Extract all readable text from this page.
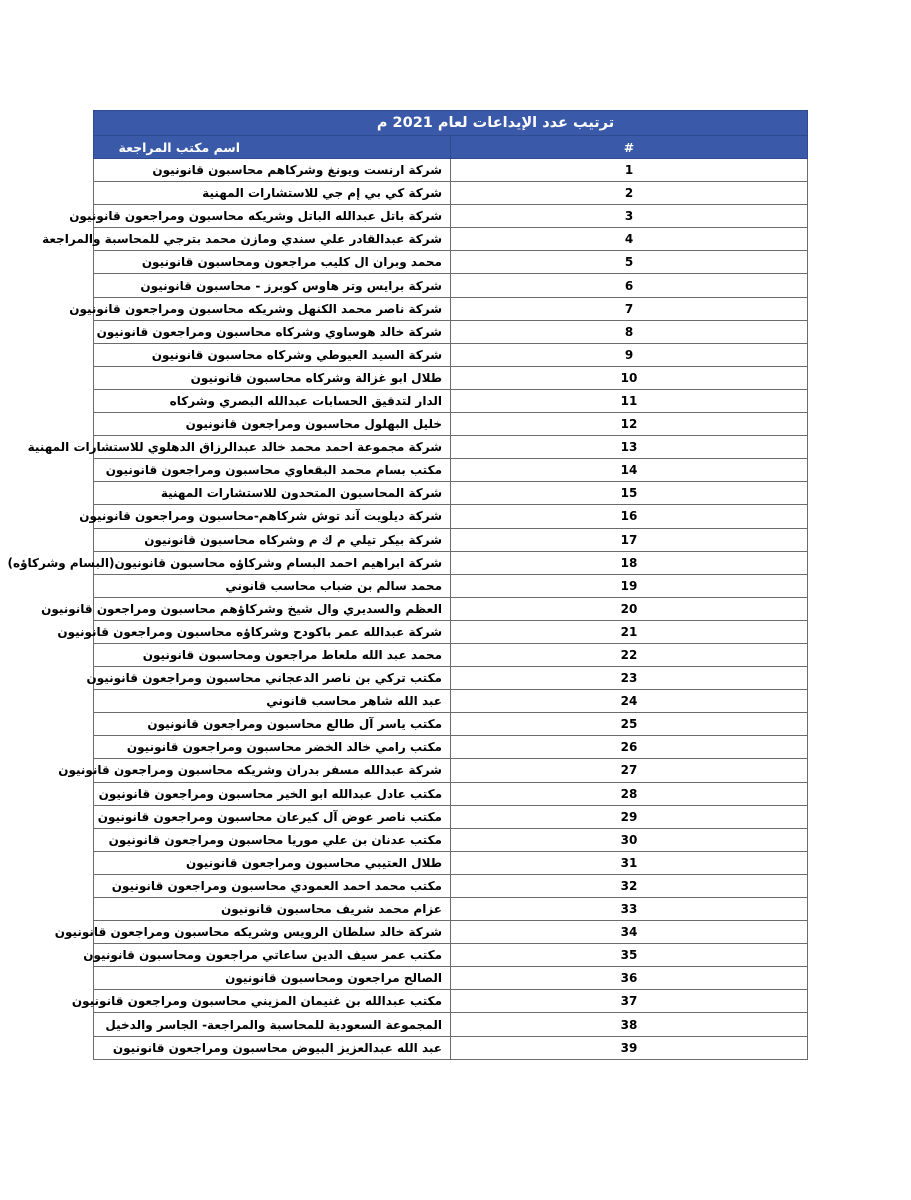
ترتيب عدد الإيداعات لعام 2021 م	
#	اسم مكتب المراجعة
1	شركة ارنست ويونغ وشركاهم محاسبون قانونيون
2	شركة كي بي إم جي للاستشارات المهنية
3	شركة باتل عبدالله الباتل وشريكه محاسبون ومراجعون قانونيون
4	شركة عبدالقادر علي سندي ومازن محمد بترجي للمحاسبة والمراجعة
5	محمد وبران ال كليب مراجعون ومحاسبون قانونيون
6	شركة برايس وتر هاوس كوبرز - محاسبون قانونيون
7	شركة ناصر محمد الكنهل وشريكه محاسبون ومراجعون قانونيون
8	شركة خالد هوساوي وشركاه محاسبون ومراجعون قانونيون
9	شركة السيد العيوطي وشركاه محاسبون قانونيون
10	طلال ابو غزالة وشركاه محاسبون قانونيون
11	الدار لتدقيق الحسابات عبدالله البصري وشركاه
12	خليل البهلول محاسبون ومراجعون قانونيون
13	شركة مجموعة احمد محمد خالد عبدالرزاق الدهلوي للاستشارات المهنية
14	مكتب بسام محمد البقعاوي محاسبون ومراجعون قانونيون
15	شركة المحاسبون المتحدون للاستشارات المهنية
16	شركة ديلويت آند توش شركاهم-محاسبون ومراجعون قانونيون
17	شركة بيكر تيلي م ك م وشركاه محاسبون قانونيون
18	شركة ابراهيم احمد البسام وشركاؤه محاسبون قانونيون(البسام وشركاؤه)
19	محمد سالم بن ضباب محاسب قانوني
20	العظم والسديري وال شيخ وشركاؤهم محاسبون ومراجعون قانونيون
21	شركة عبدالله عمر باكودح وشركاؤه محاسبون ومراجعون قانونيون
22	محمد عبد الله ملعاط مراجعون ومحاسبون قانونيون
23	مكتب تركي بن ناصر الدعجاني محاسبون ومراجعون قانونيون
24	عبد الله شاهر محاسب قانوني
25	مكتب ياسر آل طالع محاسبون ومراجعون قانونيون
26	مكتب رامي خالد الخضر محاسبون ومراجعون قانونيون
27	شركة عبدالله مسفر بدران وشريكه محاسبون ومراجعون قانونيون
28	مكتب عادل عبدالله ابو الخير محاسبون ومراجعون قانونيون
29	مكتب ناصر عوض آل كيرعان محاسبون ومراجعون قانونيون
30	مكتب عدنان بن علي موريا محاسبون ومراجعون قانونيون
31	طلال العتيبي محاسبون ومراجعون قانونيون
32	مكتب محمد احمد العمودي محاسبون ومراجعون قانونيون
33	عزام محمد شريف محاسبون قانونيون
34	شركة خالد سلطان الرويس وشريكه محاسبون ومراجعون قانونيون
35	مكتب عمر سيف الدين ساعاتي مراجعون ومحاسبون قانونيون
36	الصالح مراجعون ومحاسبون قانونيون
37	مكتب عبدالله بن غنيمان المزيني محاسبون ومراجعون قانونيون
38	المجموعة السعودية للمحاسبة والمراجعة- الجاسر والدخيل
39	عبد الله عبدالعزيز البيوض محاسبون ومراجعون قانونيون
